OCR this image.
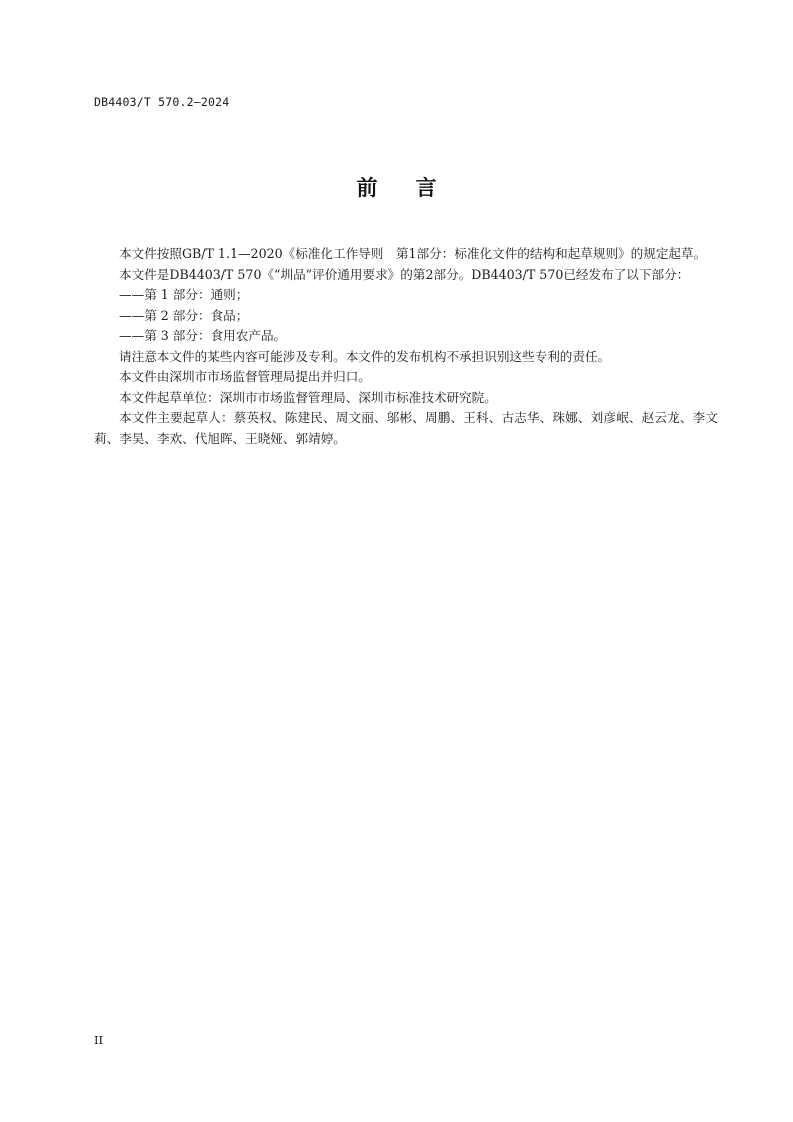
DB4403/T 570.2—2024
前 言

本文件按照GB/T 1.1—2020《标准化工作导则　第1部分：标准化文件的结构和起草规则》的规定起草。

本文件是DB4403/T 570《“圳品”评价通用要求》的第2部分。DB4403/T 570已经发布了以下部分：

——第 1 部分：通则；

——第 2 部分：食品；

——第 3 部分：食用农产品。

请注意本文件的某些内容可能涉及专利。本文件的发布机构不承担识别这些专利的责任。

本文件由深圳市市场监督管理局提出并归口。

本文件起草单位：深圳市市场监督管理局、深圳市标准技术研究院。

本文件主要起草人：蔡英权、陈建民、周文丽、邬彬、周鹏、王科、古志华、珠娜、刘彦岷、赵云龙、李文莉、李昊、李欢、代旭晖、王晓娅、郭靖婷。

II
